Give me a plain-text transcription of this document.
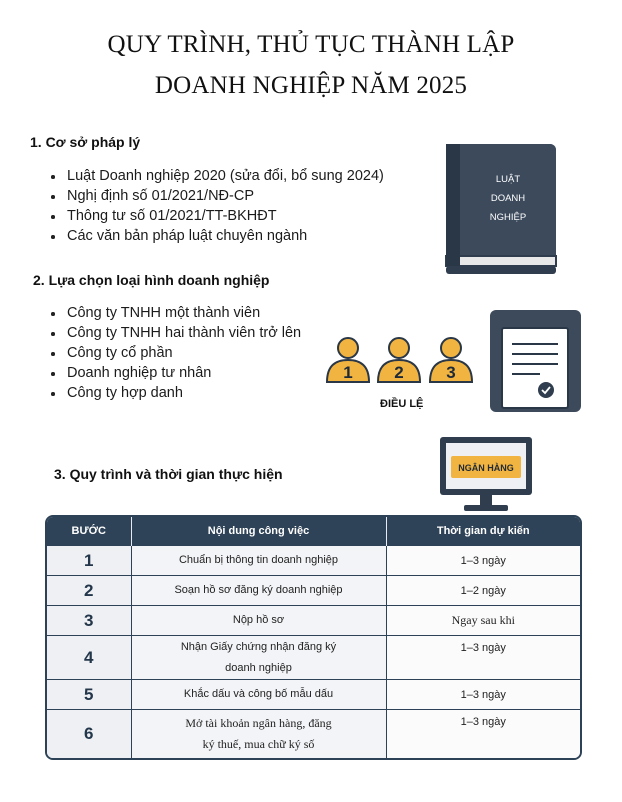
QUY TRÌNH, THỦ TỤC THÀNH LẬP
DOANH NGHIỆP NĂM 2025
1. Cơ sở pháp lý
Luật Doanh nghiệp 2020 (sửa đổi, bổ sung 2024)
Nghị định số 01/2021/NĐ-CP
Thông tư số 01/2021/TT-BKHĐT
Các văn bản pháp luật chuyên ngành
LUẬT
DOANH
NGHIỆP
2. Lựa chọn loại hình doanh nghiệp
Công ty TNHH một thành viên
Công ty TNHH hai thành viên trở lên
Công ty cổ phần
Doanh nghiệp tư nhân
Công ty hợp danh
1 2	3
ĐIỀU LỆ
NGÂN HÀNG
3. Quy trình và thời gian thực hiện
BƯỚC	Nội dung công việc	Thời gian dự kiến
1	Chuẩn bị thông tin doanh nghiệp	1–3 ngày
2	Soạn hồ sơ đăng ký doanh nghiệp	1–2 ngày
3	Nộp hồ sơ	Ngay sau khi
4	Nhận Giấy chứng nhận đăng ký
doanh nghiệp	1–3 ngày
5	Khắc dấu và công bố mẫu dấu	1–3 ngày
6	Mở tài khoản ngân hàng, đăng
ký thuế, mua chữ ký số	1–3 ngày
